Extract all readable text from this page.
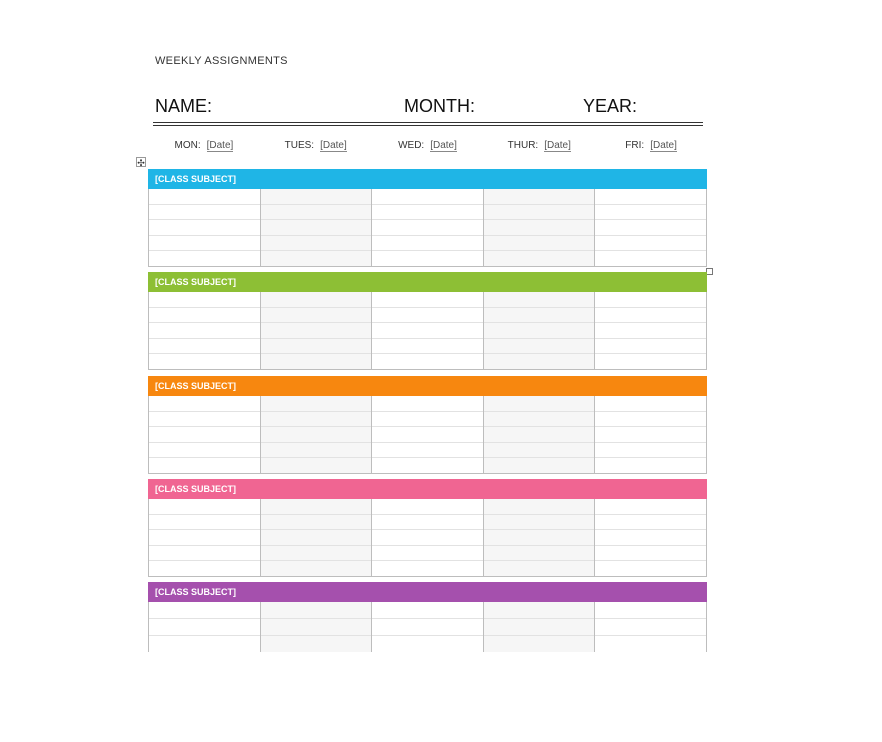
WEEKLY ASSIGNMENTS
NAME:	MONTH:	YEAR:
MON: [Date]	TUES: [Date]	WED: [Date]	THUR: [Date]	FRI: [Date]
✣
[CLASS SUBJECT]
[CLASS SUBJECT]
[CLASS SUBJECT]
[CLASS SUBJECT]
[CLASS SUBJECT]
